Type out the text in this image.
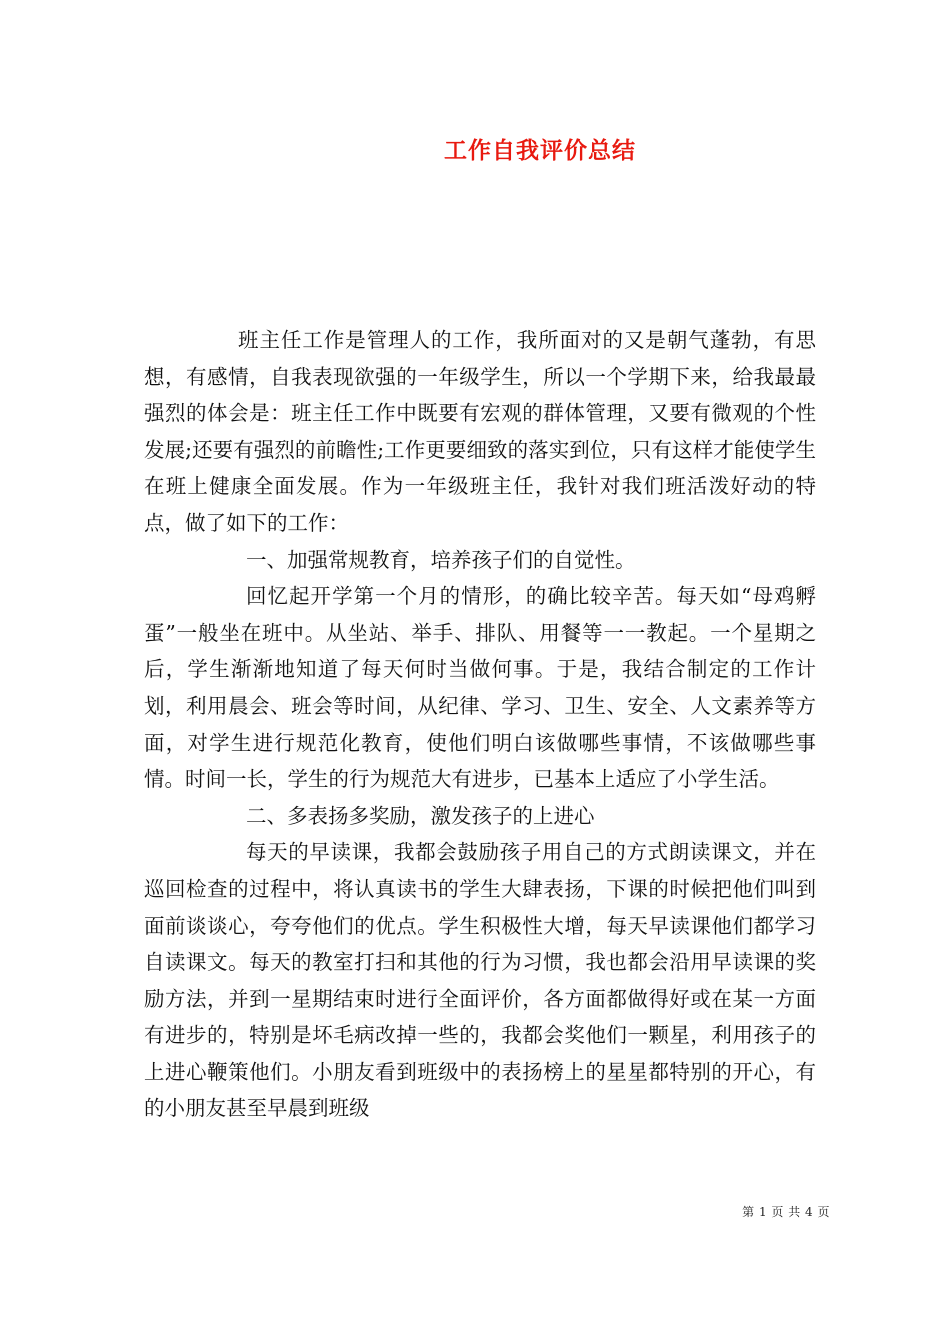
工作自我评价总结

班主任工作是管理人的工作，我所面对的又是朝气蓬勃，有思想，有感情，自我表现欲强的一年级学生，所以一个学期下来，给我最最强烈的体会是：班主任工作中既要有宏观的群体管理，又要有微观的个性发展;还要有强烈的前瞻性;工作更要细致的落实到位，只有这样才能使学生在班上健康全面发展。作为一年级班主任，我针对我们班活泼好动的特点，做了如下的工作：

一、加强常规教育，培养孩子们的自觉性。

回忆起开学第一个月的情形，的确比较辛苦。每天如“母鸡孵蛋”一般坐在班中。从坐站、举手、排队、用餐等一一教起。一个星期之后，学生渐渐地知道了每天何时当做何事。于是，我结合制定的工作计划，利用晨会、班会等时间，从纪律、学习、卫生、安全、人文素养等方面，对学生进行规范化教育，使他们明白该做哪些事情，不该做哪些事情。时间一长，学生的行为规范大有进步，已基本上适应了小学生活。

二、多表扬多奖励，激发孩子的上进心

每天的早读课，我都会鼓励孩子用自己的方式朗读课文，并在巡回检查的过程中，将认真读书的学生大肆表扬，下课的时候把他们叫到面前谈谈心，夸夸他们的优点。学生积极性大增，每天早读课他们都学习自读课文。每天的教室打扫和其他的行为习惯，我也都会沿用早读课的奖励方法，并到一星期结束时进行全面评价，各方面都做得好或在某一方面有进步的，特别是坏毛病改掉一些的，我都会奖他们一颗星，利用孩子的上进心鞭策他们。小朋友看到班级中的表扬榜上的星星都特别的开心，有的小朋友甚至早晨到班级

第 1 页 共 4 页
